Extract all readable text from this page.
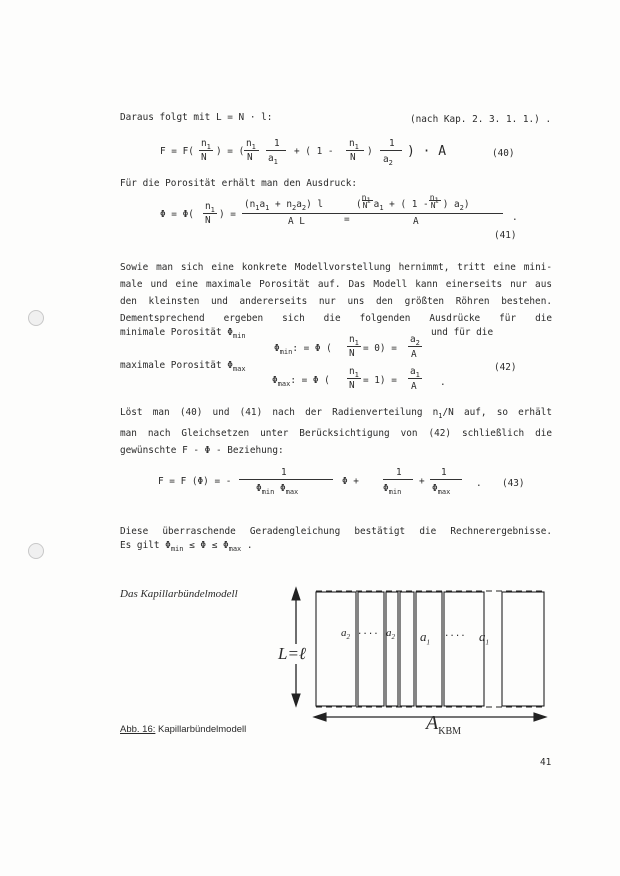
Daraus folgt mit L = N · l:	(nach Kap. 2. 3. 1. 1.) .
F = F(
$n_1$
N
) = (
$n_1$
N
1
$a_1$
+ ( 1 -
$n_1$
N
)
1
$a_2$
) · A	(40)
Für die Porosität erhält man den Ausdruck:
Φ = Φ(
$n_1$
N
) =
$(n_1a_1 + n_2a_2)$ l
A L	=
(
$n_1$
N $a_1$ + ( 1 -
$n_1$
N ) $a_2$)
A	.
(41)
Sowie man sich eine konkrete Modellvorstellung hernimmt, tritt eine mini-
male und eine maximale Porosität auf. Das Modell kann einerseits nur aus
den kleinsten und andererseits nur uns den größten Röhren bestehen.
Dementsprechend ergeben sich die folgenden Ausdrücke für die
minimale Porosität $\Phi_{min}$	und für die
$\Phi_{min}$: = Φ (
$n_1$
N = 0) =
$a_2$
A
maximale Porosität $\Phi_{max}$	(42)
$\Phi_{max}$: = Φ (
$n_1$
N = 1) =
$a_1$
A .
Löst man (40) und (41) nach der Radienverteilung $n_1/N$ auf, so erhält
man nach Gleichsetzen unter Berücksichtigung von (42) schließlich die
gewünschte F - Φ - Beziehung:
F = F (Φ) = -
1
$\Phi_{min}$ $\Phi_{max}$
Φ +
1
$\Phi_{min}$
+
1
$\Phi_{max}$
. (43)
Diese überraschende Geradengleichung bestätigt die Rechnerergebnisse.
Es gilt $\Phi_{min} \le \Phi \le \Phi_{max}$ .
Das Kapillarbündelmodell
L=ℓ
$a_2$
.... $a_2$ $a_1$
.... $a_1$
$A_{KBM}$
Abb. 16: Kapillarbündelmodell
41
